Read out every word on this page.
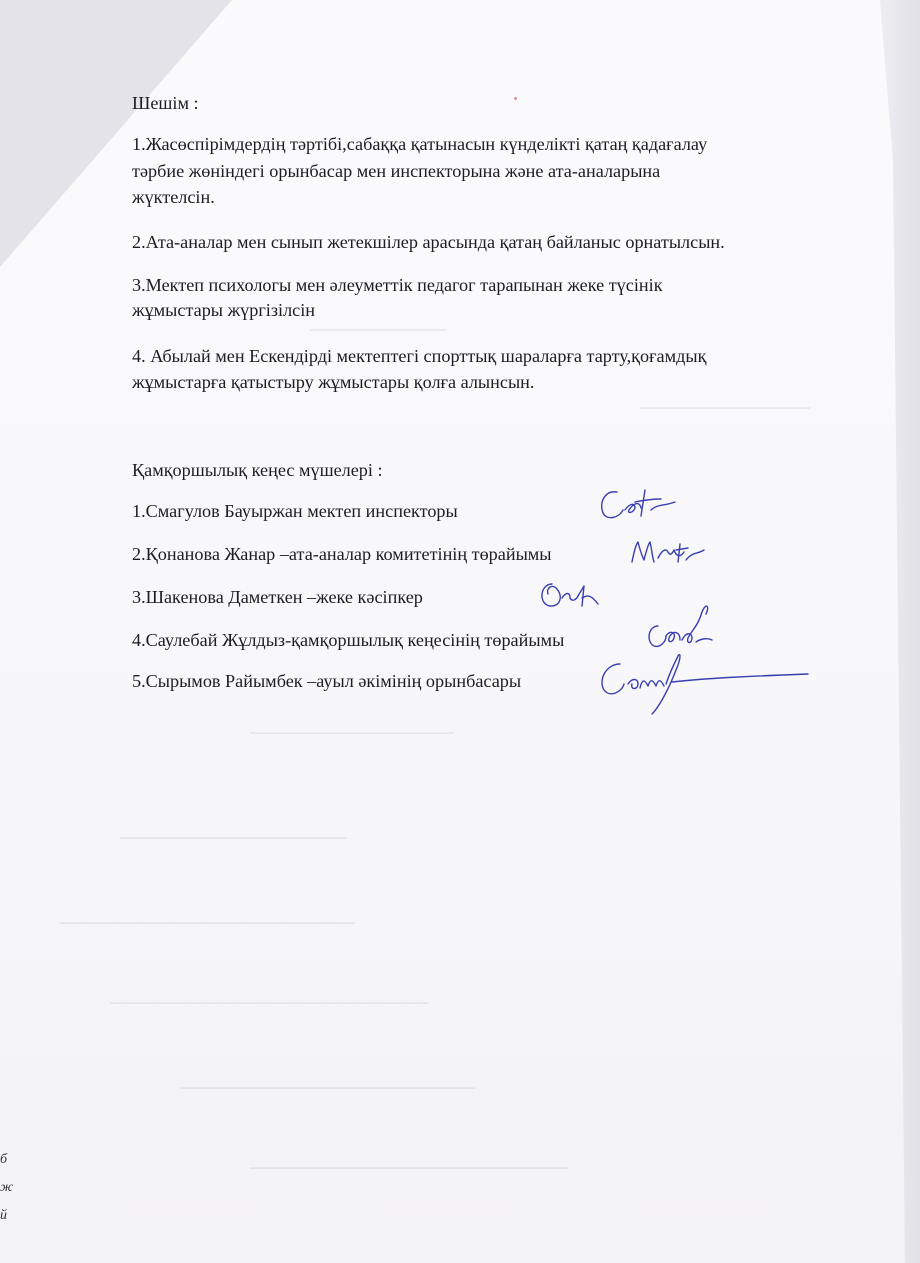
────────────
───────────────
──────────────────
────────────────────
──────────────────────────
────────────────────────────
──────────────────────────
────────────────────────────
Шешім :
1.Жасөспірімдердің тәртібі,сабаққа қатынасын күнделікті қатаң қадағалау
тәрбие жөніндегі орынбасар мен инспекторына және ата-аналарына
жүктелсін.
2.Ата-аналар мен сынып жетекшілер арасында қатаң байланыс орнатылсын.
3.Мектеп психологы мен әлеуметтік педагог тарапынан жеке түсінік
жұмыстары жүргізілсін
4. Абылай мен Ескендірді мектептегі спорттық шараларға тарту,қоғамдық
жұмыстарға қатыстыру жұмыстары қолға алынсын.
Қамқоршылық кеңес мүшелері :
1.Смагулов Бауыржан мектеп инспекторы
2.Қонанова Жанар –ата-аналар комитетінің төрайымы
3.Шакенова Даметкен –жеке кәсіпкер
4.Саулебай Жұлдыз-қамқоршылық кеңесінің төрайымы
5.Сырымов Райымбек –ауыл әкімінің орынбасары
б
ж
й
